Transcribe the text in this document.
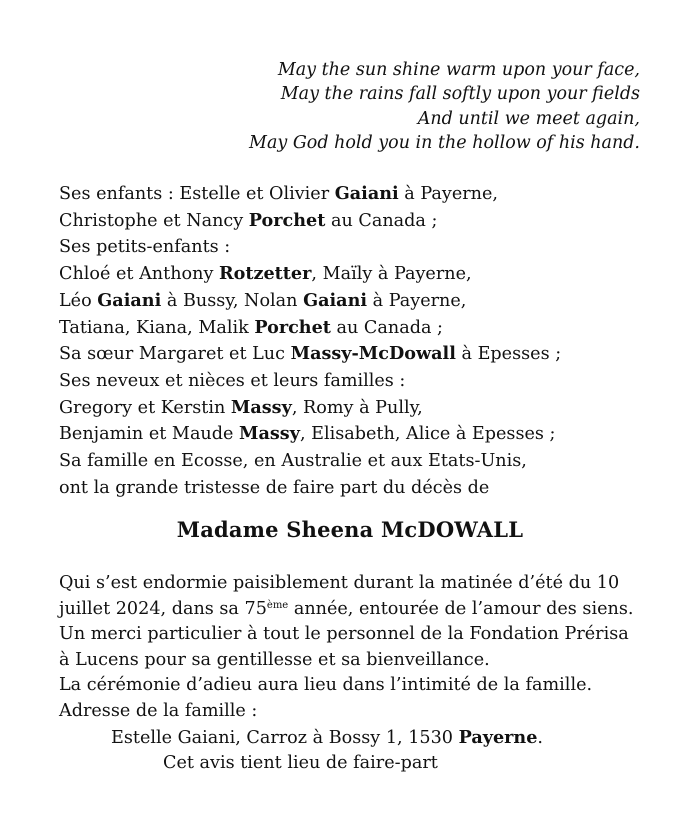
May the sun shine warm upon your face,
May the rains fall softly upon your fields
And until we meet again,
May God hold you in the hollow of his hand.
Ses enfants : Estelle et Olivier Gaiani à Payerne,
Christophe et Nancy Porchet au Canada ;
Ses petits-enfants :
Chloé et Anthony Rotzetter, Maïly à Payerne,
Léo Gaiani à Bussy, Nolan Gaiani à Payerne,
Tatiana, Kiana, Malik Porchet au Canada ;
Sa sœur Margaret et Luc Massy-McDowall à Epesses ;
Ses neveux et nièces et leurs familles :
Gregory et Kerstin Massy, Romy à Pully,
Benjamin et Maude Massy, Elisabeth, Alice à Epesses ;
Sa famille en Ecosse, en Australie et aux Etats-Unis,
ont la grande tristesse de faire part du décès de
Madame Sheena McDOWALL
Qui s’est endormie paisiblement durant la matinée d’été du 10
juillet 2024, dans sa 75ème année, entourée de l’amour des siens.
Un merci particulier à tout le personnel de la Fondation Prérisa
à Lucens pour sa gentillesse et sa bienveillance.
La cérémonie d’adieu aura lieu dans l’intimité de la famille.
Adresse de la famille :
Estelle Gaiani, Carroz à Bossy 1, 1530 Payerne.
Cet avis tient lieu de faire-part
